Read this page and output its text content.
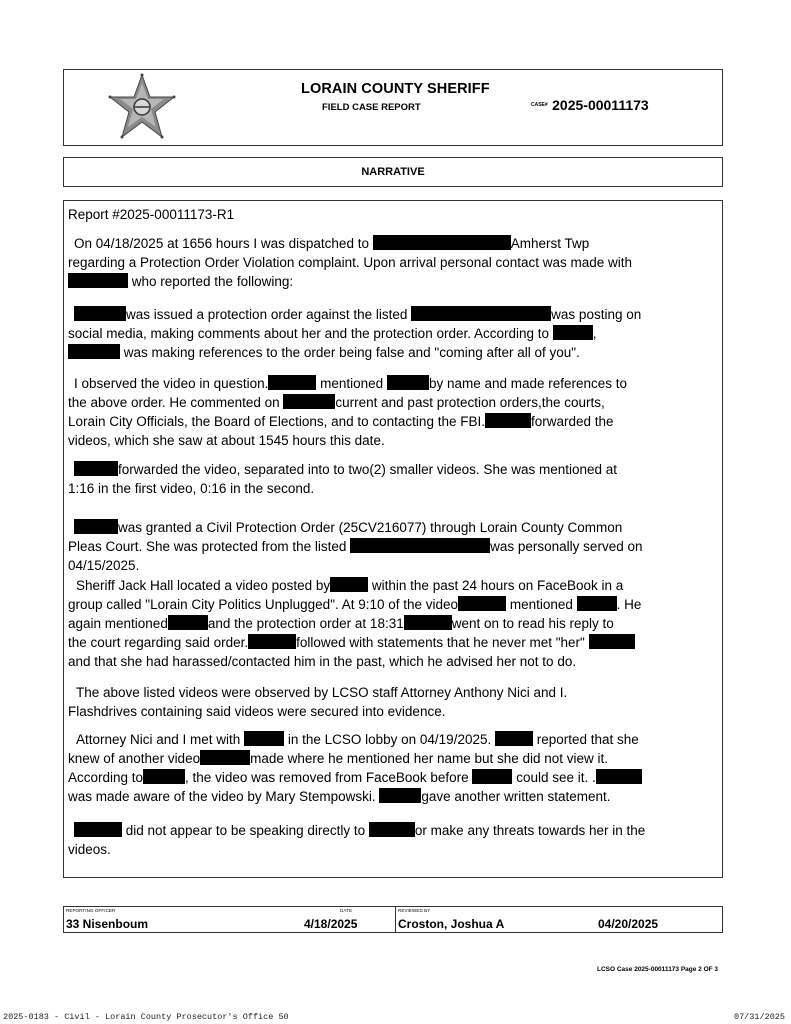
LORAIN COUNTY SHERIFF
FIELD CASE REPORT	CASE# 2025-00011173
NARRATIVE
Report #2025-00011173-R1
On 04/18/2025 at 1656 hours I was dispatched to	Amherst Twp
regarding a Protection Order Violation complaint. Upon arrival personal contact was made with
who reported the following:
was issued a protection order against the listed	was posting on
social media, making comments about her and the protection order. According to	,
was making references to the order being false and "coming after all of you".
I observed the video in question.	mentioned	by name and made references to
the above order. He commented on	current and past protection orders,the courts,
Lorain City Officials, the Board of Elections, and to contacting the FBI.	forwarded the
videos, which she saw at about 1545 hours this date.
forwarded the video, separated into to two(2) smaller videos. She was mentioned at
1:16 in the first video, 0:16 in the second.
was granted a Civil Protection Order (25CV216077) through Lorain County Common
Pleas Court. She was protected from the listed	was personally served on
04/15/2025.
Sheriff Jack Hall located a video posted by	within the past 24 hours on FaceBook in a
group called "Lorain City Politics Unplugged". At 9:10 of the video	mentioned	. He
again mentioned	and the protection order at 18:31	went on to read his reply to
the court regarding said order.	followed with statements that he never met "her"
and that she had harassed/contacted him in the past, which he advised her not to do.
The above listed videos were observed by LCSO staff Attorney Anthony Nici and I.
Flashdrives containing said videos were secured into evidence.
Attorney Nici and I met with	in the LCSO lobby on 04/19/2025.	reported that she
knew of another video	made where he mentioned her name but she did not view it.
According to	, the video was removed from FaceBook before	could see it. .
was made aware of the video by Mary Stempowski.	gave another written statement.
did not appear to be speaking directly to	or make any threats towards her in the
videos.
REPORTING OFFICER
33 Nisenboum
DATE
4/18/2025
REVIEWED BY
Croston, Joshua A	04/20/2025
LCSO Case 2025-00011173 Page 2 OF 3
2025-0183 - Civil - Lorain County Prosecutor's Office 50	07/31/2025
